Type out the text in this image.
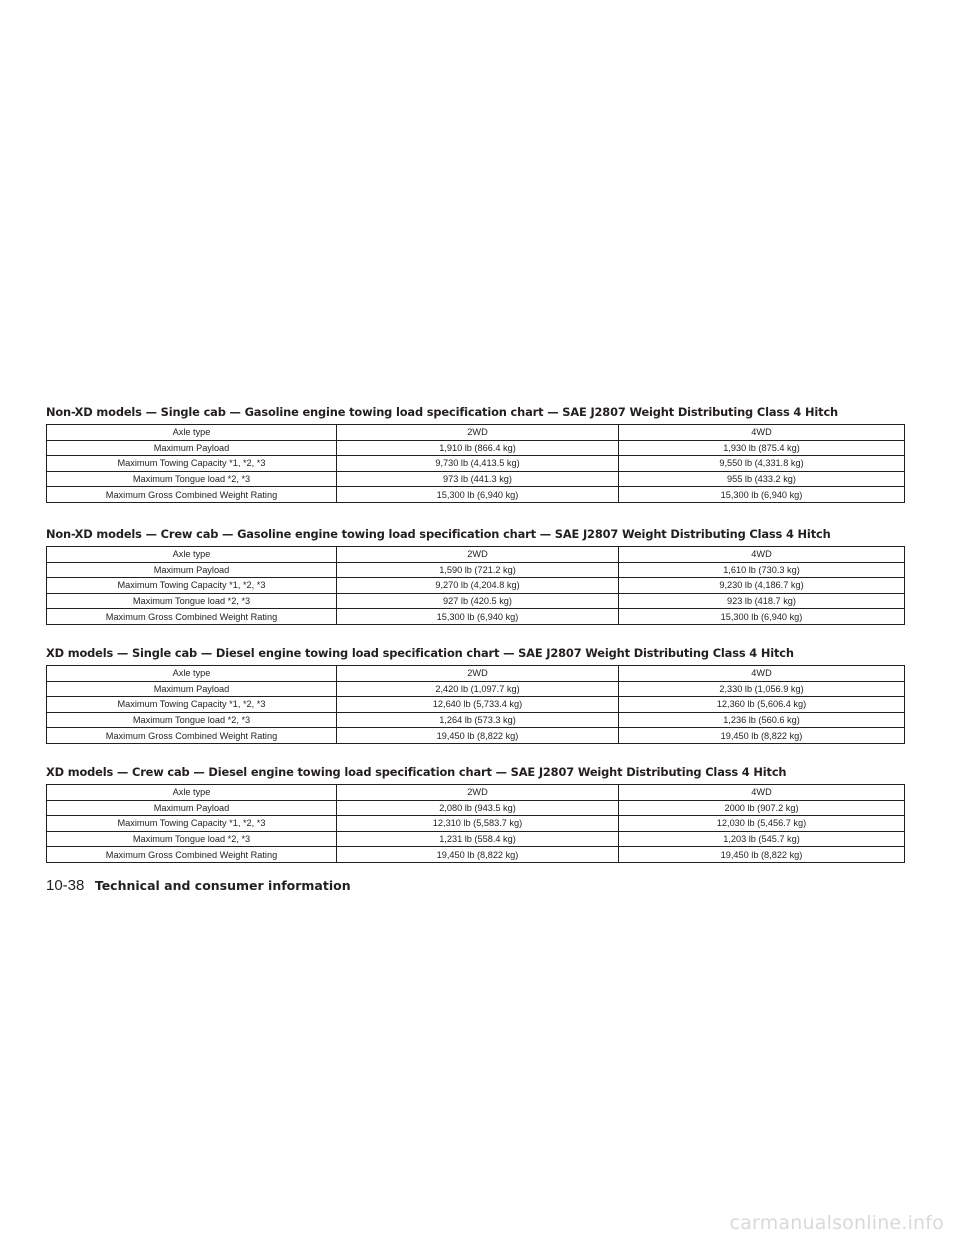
Non-XD models — Single cab — Gasoline engine towing load specification chart — SAE J2807 Weight Distributing Class 4 Hitch
Axle type	2WD	4WD
Maximum Payload	1,910 lb (866.4 kg)	1,930 lb (875.4 kg)
Maximum Towing Capacity *1, *2, *3	9,730 lb (4,413.5 kg)	9,550 lb (4,331.8 kg)
Maximum Tongue load *2, *3	973 lb (441.3 kg)	955 lb (433.2 kg)
Maximum Gross Combined Weight Rating	15,300 lb (6,940 kg)	15,300 lb (6,940 kg)
Non-XD models — Crew cab — Gasoline engine towing load specification chart — SAE J2807 Weight Distributing Class 4 Hitch
Axle type	2WD	4WD
Maximum Payload	1,590 lb (721.2 kg)	1,610 lb (730.3 kg)
Maximum Towing Capacity *1, *2, *3	9,270 lb (4,204.8 kg)	9,230 lb (4,186.7 kg)
Maximum Tongue load *2, *3	927 lb (420.5 kg)	923 lb (418.7 kg)
Maximum Gross Combined Weight Rating	15,300 lb (6,940 kg)	15,300 lb (6,940 kg)
XD models — Single cab — Diesel engine towing load specification chart — SAE J2807 Weight Distributing Class 4 Hitch
Axle type	2WD	4WD
Maximum Payload	2,420 lb (1,097.7 kg)	2,330 lb (1,056.9 kg)
Maximum Towing Capacity *1, *2, *3	12,640 lb (5,733.4 kg)	12,360 lb (5,606.4 kg)
Maximum Tongue load *2, *3	1,264 lb (573.3 kg)	1,236 lb (560.6 kg)
Maximum Gross Combined Weight Rating	19,450 lb (8,822 kg)	19,450 lb (8,822 kg)
XD models — Crew cab — Diesel engine towing load specification chart — SAE J2807 Weight Distributing Class 4 Hitch
Axle type	2WD	4WD
Maximum Payload	2,080 lb (943.5 kg)	2000 lb (907.2 kg)
Maximum Towing Capacity *1, *2, *3	12,310 lb (5,583.7 kg)	12,030 lb (5,456.7 kg)
Maximum Tongue load *2, *3	1,231 lb (558.4 kg)	1,203 lb (545.7 kg)
Maximum Gross Combined Weight Rating	19,450 lb (8,822 kg)	19,450 lb (8,822 kg)
10-38 Technical and consumer information
carmanualsonline.info
